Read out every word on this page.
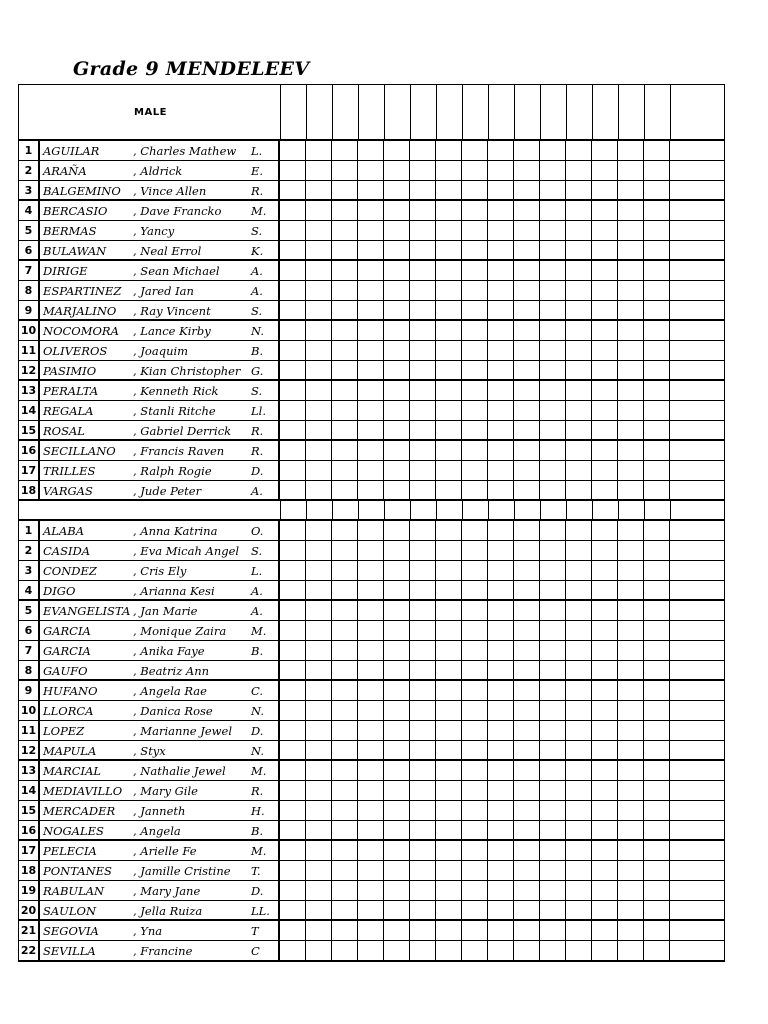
Grade 9 MENDELEEV
MALE
1 AGUILAR	, Charles Mathew L.
2 ARAÑA	, Aldrick	E.
3 BALGEMINO , Vince Allen	R.
4 BERCASIO , Dave Francko	M.
5 BERMAS	, Yancy	S.
6 BULAWAN , Neal Errol	K.
7 DIRIGE	, Sean Michael	A.
8 ESPARTINEZ , Jared Ian	A.
9 MARJALINO , Ray Vincent	S.
10 NOCOMORA , Lance Kirby	N.
11 OLIVEROS , Joaquim	B.
12 PASIMIO	, Kian Christopher G.
13 PERALTA	, Kenneth Rick	S.
14 REGALA	, Stanli Ritche	Ll.
15 ROSAL	, Gabriel Derrick R.
16 SECILLANO , Francis Raven R.
17 TRILLES	, Ralph Rogie	D.
18 VARGAS	, Jude Peter	A.
1 ALABA	, Anna Katrina	O.
2 CASIDA	, Eva Micah Angel S.
3 CONDEZ	, Cris Ely	L.
4 DIGO	, Arianna Kesi	A.
5 EVANGELISTA , Jan Marie	A.
6 GARCIA	, Monique Zaira M.
7 GARCIA	, Anika Faye	B.
8 GAUFO	, Beatriz Ann
9 HUFANO	, Angela Rae	C.
10 LLORCA	, Danica Rose	N.
11 LOPEZ	, Marianne Jewel D.
12 MAPULA	, Styx	N.
13 MARCIAL	, Nathalie Jewel M.
14 MEDIAVILLO , Mary Gile	R.
15 MERCADER , Janneth	H.
16 NOGALES	, Angela	B.
17 PELECIA	, Arielle Fe	M.
18 PONTANES , Jamille Cristine T.
19 RABULAN	, Mary Jane	D.
20 SAULON	, Jella Ruiza	LL.
21 SEGOVIA	, Yna	T
22 SEVILLA	, Francine	C
